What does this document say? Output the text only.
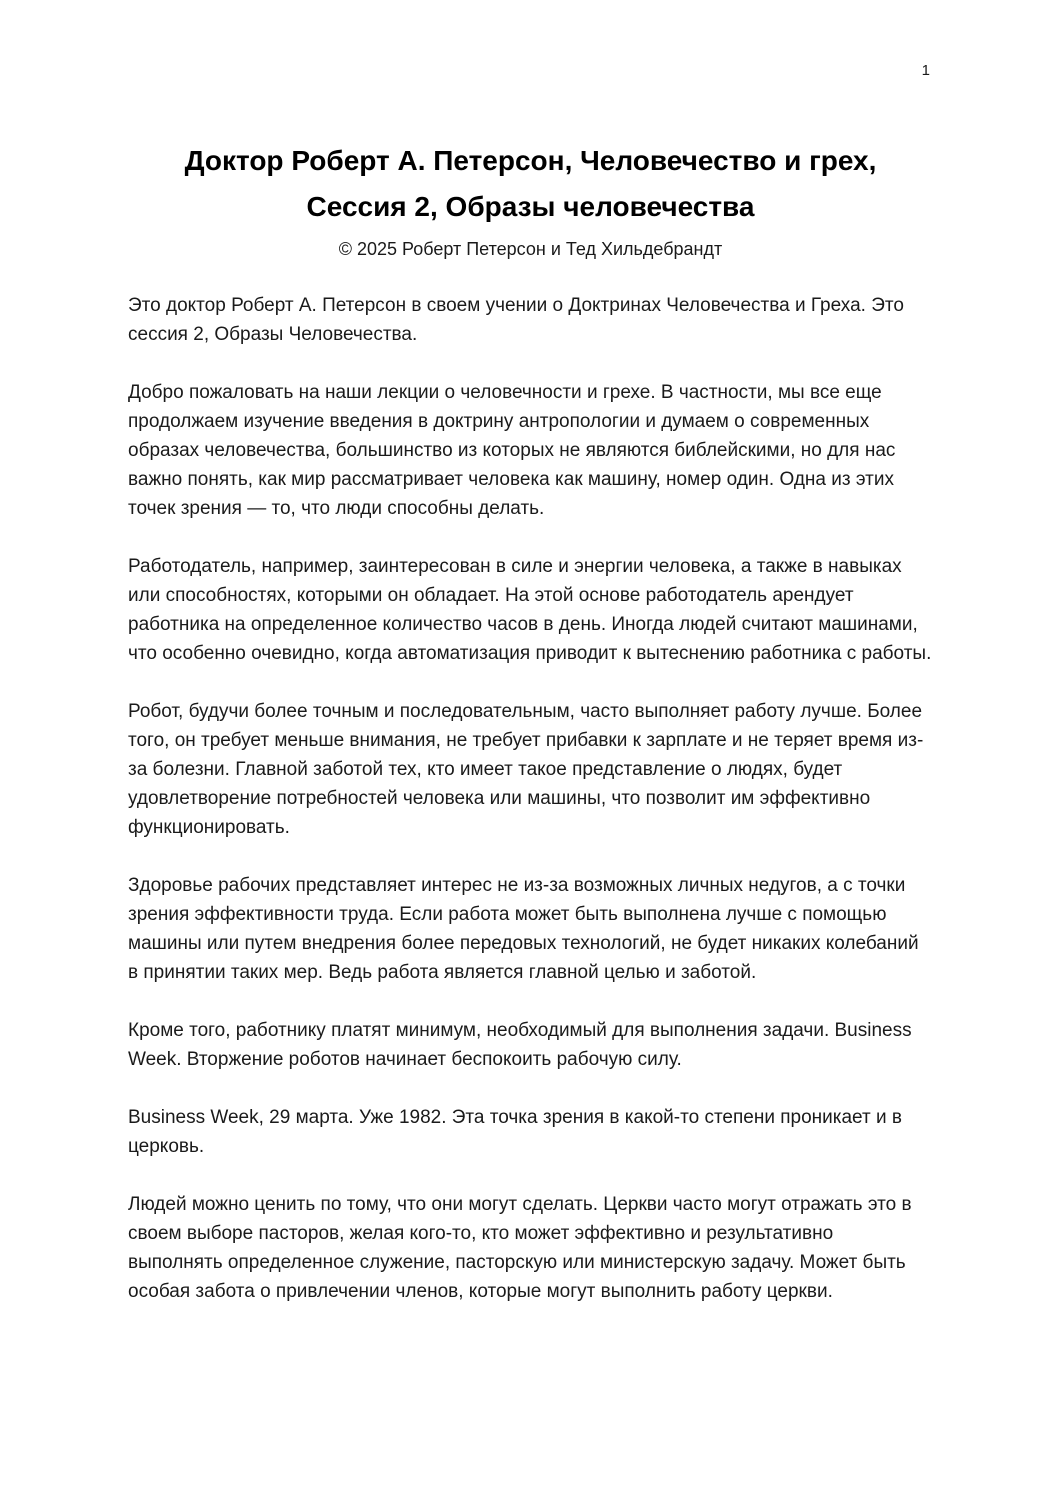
1
Доктор Роберт А. Петерсон, Человечество и грех,
Сессия 2, Образы человечества
© 2025 Роберт Петерсон и Тед Хильдебрандт

Это доктор Роберт А. Петерсон в своем учении о Доктринах Человечества и Греха. Это сессия 2, Образы Человечества.

Добро пожаловать на наши лекции о человечности и грехе. В частности, мы все еще продолжаем изучение введения в доктрину антропологии и думаем о современных образах человечества, большинство из которых не являются библейскими, но для нас важно понять, как мир рассматривает человека как машину, номер один. Одна из этих точек зрения — то, что люди способны делать.

Работодатель, например, заинтересован в силе и энергии человека, а также в навыках или способностях, которыми он обладает. На этой основе работодатель арендует работника на определенное количество часов в день. Иногда людей считают машинами, что особенно очевидно, когда автоматизация приводит к вытеснению работника с работы.

Робот, будучи более точным и последовательным, часто выполняет работу лучше. Более того, он требует меньше внимания, не требует прибавки к зарплате и не теряет время из-за болезни. Главной заботой тех, кто имеет такое представление о людях, будет удовлетворение потребностей человека или машины, что позволит им эффективно функционировать.

Здоровье рабочих представляет интерес не из-за возможных личных недугов, а с точки зрения эффективности труда. Если работа может быть выполнена лучше с помощью машины или путем внедрения более передовых технологий, не будет никаких колебаний в принятии таких мер. Ведь работа является главной целью и заботой.

Кроме того, работнику платят минимум, необходимый для выполнения задачи. Business Week. Вторжение роботов начинает беспокоить рабочую силу.

Business Week, 29 марта. Уже 1982. Эта точка зрения в какой-то степени проникает и в церковь.

Людей можно ценить по тому, что они могут сделать. Церкви часто могут отражать это в своем выборе пасторов, желая кого-то, кто может эффективно и результативно выполнять определенное служение, пасторскую или министерскую задачу. Может быть особая забота о привлечении членов, которые могут выполнить работу церкви.
